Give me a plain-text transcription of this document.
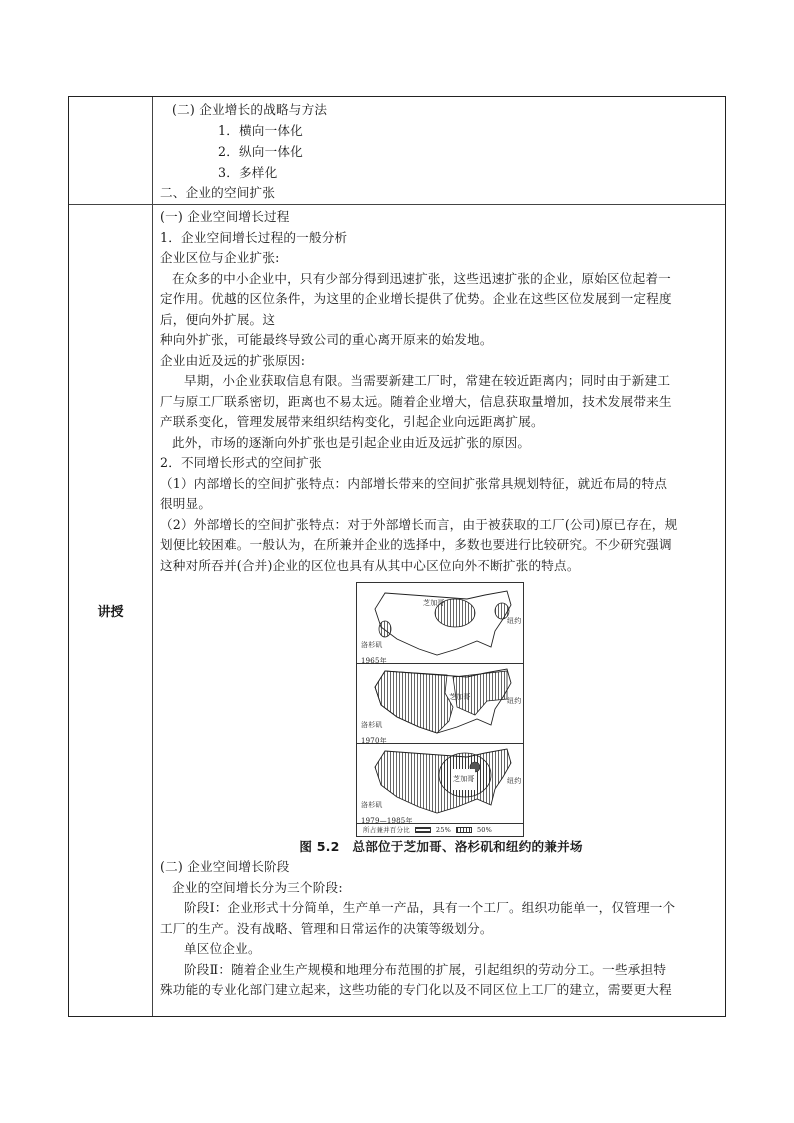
讲授

(二) 企业增长的战略与方法

1．横向一体化

2．纵向一体化

3．多样化

二、企业的空间扩张

(一) 企业空间增长过程

1．企业空间增长过程的一般分析

企业区位与企业扩张:

在众多的中小企业中，只有少部分得到迅速扩张，这些迅速扩张的企业，原始区位起着一

定作用。优越的区位条件，为这里的企业增长提供了优势。企业在这些区位发展到一定程度

后，便向外扩展。这

种向外扩张，可能最终导致公司的重心离开原来的始发地。

企业由近及远的扩张原因:

早期，小企业获取信息有限。当需要新建工厂时，常建在较近距离内；同时由于新建工

厂与原工厂联系密切，距离也不易太远。随着企业增大，信息获取量增加，技术发展带来生

产联系变化，管理发展带来组织结构变化，引起企业向远距离扩展。

此外，市场的逐渐向外扩张也是引起企业由近及远扩张的原因。

2．不同增长形式的空间扩张

（1）内部增长的空间扩张特点：内部增长带来的空间扩张常具规划特征，就近布局的特点

很明显。

（2）外部增长的空间扩张特点：对于外部增长而言，由于被获取的工厂(公司)原已存在，规

划便比较困难。一般认为，在所兼并企业的选择中，多数也要进行比较研究。不少研究强调

这种对所吞并(合并)企业的区位也具有从其中心区位向外不断扩张的特点。

芝加哥
纽约
洛杉矶
1965年
芝加哥	纽约
洛杉矶
1970年
芝加哥	纽约
洛杉矶
1979—1985年
所占兼并百分比	25%	50%

图 5.2　总部位于芝加哥、洛杉矶和纽约的兼并场

(二) 企业空间增长阶段

企业的空间增长分为三个阶段:

阶段Ⅰ：企业形式十分简单，生产单一产品，具有一个工厂。组织功能单一，仅管理一个

工厂的生产。没有战略、管理和日常运作的决策等级划分。

单区位企业。

阶段Ⅱ：随着企业生产规模和地理分布范围的扩展，引起组织的劳动分工。一些承担特

殊功能的专业化部门建立起来，这些功能的专门化以及不同区位上工厂的建立，需要更大程
